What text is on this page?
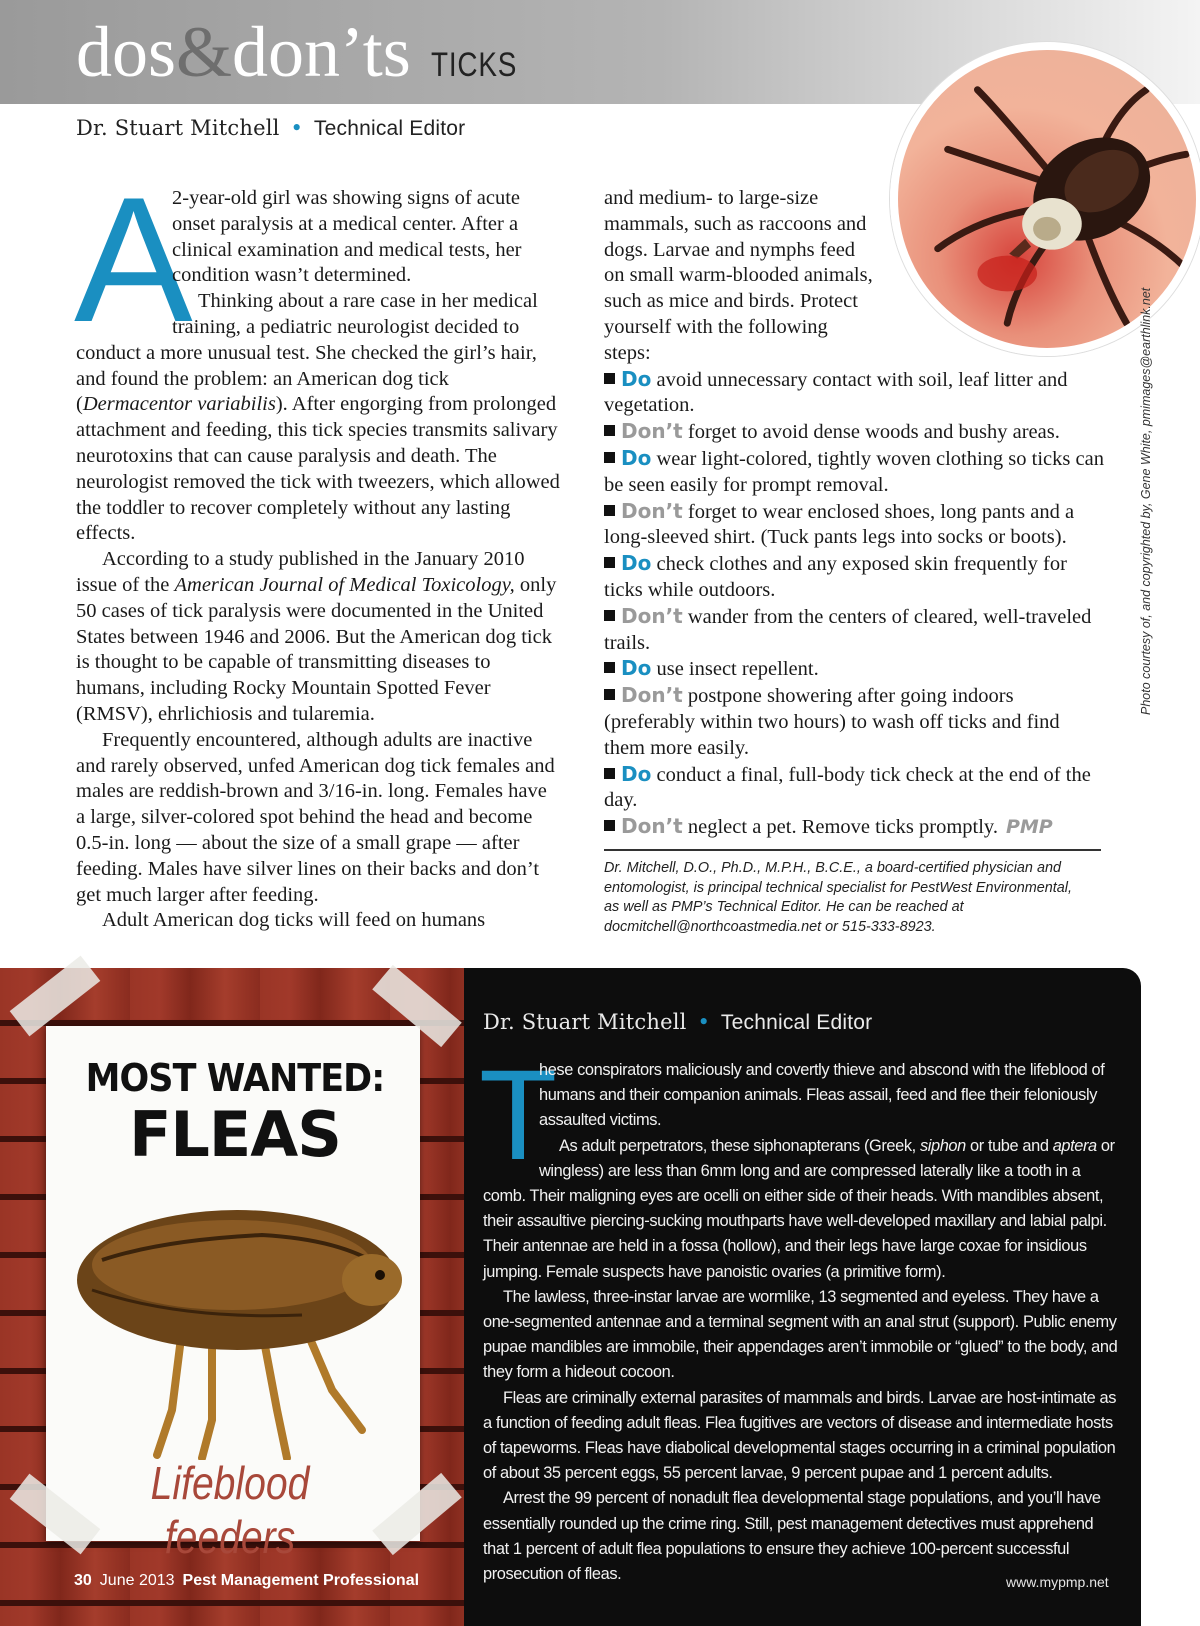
dos & don’ts TICKS
Dr. Stuart Mitchell • Technical Editor
Photo courtesy of, and copyrighted by, Gene White, pmimages@earthlink.net
A

2-year-old girl was showing signs of acute onset paralysis at a medical center. After a clinical examination and medical tests, her condition wasn’t determined.

Thinking about a rare case in her medical training, a pediatric neurologist decided to conduct a more unusual test. She checked the girl’s hair, and found the problem: an American dog tick (Dermacentor variabilis). After engorging from prolonged attachment and feeding, this tick species transmits salivary neurotoxins that can cause paralysis and death. The neurologist removed the tick with tweezers, which allowed the toddler to recover completely without any lasting effects.

According to a study published in the January 2010 issue of the American Journal of Medical Toxicology, only 50 cases of tick paralysis were documented in the United States between 1946 and 2006. But the American dog tick is thought to be capable of transmitting diseases to humans, including Rocky Mountain Spotted Fever (RMSV), ehrlichiosis and tularemia.

Frequently encountered, although adults are inactive and rarely observed, unfed American dog tick females and males are reddish-brown and 3/16-in. long. Females have a large, silver-colored spot behind the head and become 0.5-in. long — about the size of a small grape — after feeding. Males have silver lines on their backs and don’t get much larger after feeding.

Adult American dog ticks will feed on humans

and medium- to large-size mammals, such as raccoons and dogs. Larvae and nymphs feed on small warm-blooded animals, such as mice and birds. Protect yourself with the following steps:

Do avoid unnecessary contact with soil, leaf litter and vegetation.

Don’t forget to avoid dense woods and bushy areas.

Do wear light-colored, tightly woven clothing so ticks can be seen easily for prompt removal.

Don’t forget to wear enclosed shoes, long pants and a long-sleeved shirt. (Tuck pants legs into socks or boots).

Do check clothes and any exposed skin frequently for ticks while outdoors.

Don’t wander from the centers of cleared, well-traveled trails.

Do use insect repellent.

Don’t postpone showering after going indoors (preferably within two hours) to wash off ticks and find them more easily.

Do conduct a final, full-body tick check at the end of the day.

Don’t neglect a pet. Remove ticks promptly. PMP

Dr. Mitchell, D.O., Ph.D., M.P.H., B.C.E., a board-certified physician and entomologist, is principal technical specialist for PestWest Environmental, as well as PMP’s Technical Editor. He can be reached at docmitchell@northcoastmedia.net or 515-333-8923.
MOST WANTED:
FLEAS
Lifeblood feeders
Dr. Stuart Mitchell • Technical Editor
T

hese conspirators maliciously and covertly thieve and abscond with the lifeblood of humans and their companion animals. Fleas assail, feed and flee their feloniously assaulted victims.

As adult perpetrators, these siphonapterans (Greek, siphon or tube and aptera or wingless) are less than 6mm long and are compressed laterally like a tooth in a comb. Their maligning eyes are ocelli on either side of their heads. With mandibles absent, their assaultive piercing-sucking mouthparts have well-developed maxillary and labial palpi. Their antennae are held in a fossa (hollow), and their legs have large coxae for insidious jumping. Female suspects have panoistic ovaries (a primitive form).

The lawless, three-instar larvae are wormlike, 13 segmented and eyeless. They have a one-segmented antennae and a terminal segment with an anal strut (support). Public enemy pupae mandibles are immobile, their appendages aren’t immobile or “glued” to the body, and they form a hideout cocoon.

Fleas are criminally external parasites of mammals and birds. Larvae are host-intimate as a function of feeding adult fleas. Flea fugitives are vectors of disease and intermediate hosts of tapeworms. Fleas have diabolical developmental stages occurring in a criminal population of about 35 percent eggs, 55 percent larvae, 9 percent pupae and 1 percent adults.

Arrest the 99 percent of nonadult flea developmental stage populations, and you’ll have essentially rounded up the crime ring. Still, pest management detectives must apprehend that 1 percent of adult flea populations to ensure they achieve 100-percent successful prosecution of fleas.

30 June 2013 Pest Management Professional	www.mypmp.net
